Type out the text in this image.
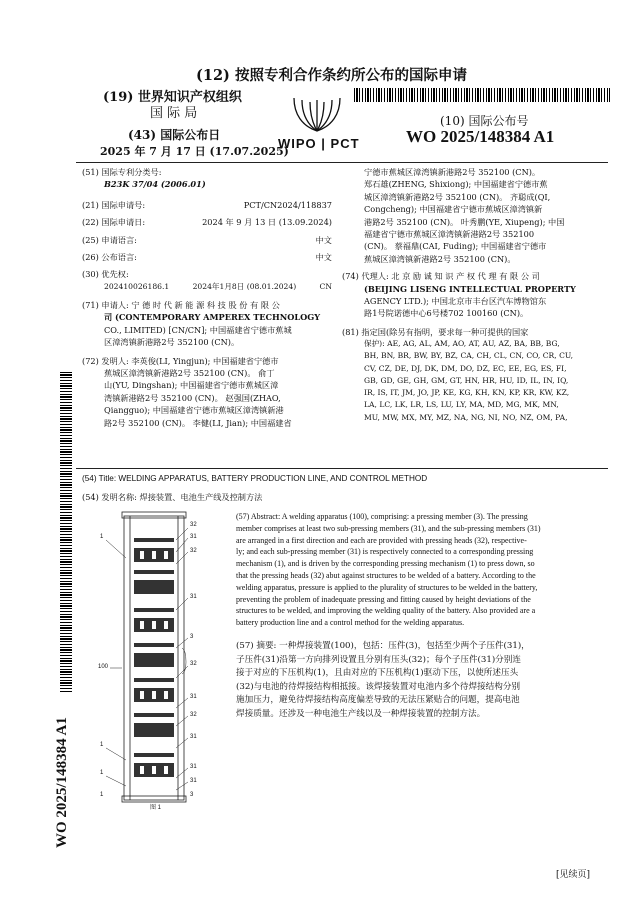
(12) 按照专利合作条约所公布的国际申请
(19) 世界知识产权组织
国 际 局
(43) 国际公布日
2025 年 7 月 17 日 (17.07.2025)
WIPO | PCT
(10) 国际公布号
WO 2025/148384 A1
(51) 国际专利分类号:
B23K 37/04 (2006.01)
(21) 国际申请号:	PCT/CN2024/118837
(22) 国际申请日:	2024 年 9 月 13 日 (13.09.2024)
(25) 申请语言:	中文
(26) 公布语言:	中文
(30) 优先权:
202410026186.1	2024年1月8日 (08.01.2024)	CN
(71) 申请人: 宁 德 时 代 新 能 源 科 技 股 份 有 限 公
司 (CONTEMPORARY AMPEREX TECHNOLOGY
CO., LIMITED) [CN/CN]; 中国福建省宁德市蕉城
区漳湾镇新港路2号 352100 (CN)。
(72) 发明人: 李英俊(LI, Yingjun); 中国福建省宁德市
蕉城区漳湾镇新港路2号 352100 (CN)。 俞丁
山(YU, Dingshan); 中国福建省宁德市蕉城区漳
湾镇新港路2号 352100 (CN)。 赵强国(ZHAO,
Qiangguo); 中国福建省宁德市蕉城区漳湾镇新港
路2号 352100 (CN)。 李健(LI, Jian); 中国福建省
宁德市蕉城区漳湾镇新港路2号 352100 (CN)。
郑石雄(ZHENG, Shixiong); 中国福建省宁德市蕉
城区漳湾镇新港路2号 352100 (CN)。 齐聪成(QI,
Congcheng); 中国福建省宁德市蕉城区漳湾镇新
港路2号 352100 (CN)。 叶秀鹏(YE, Xiupeng); 中国
福建省宁德市蕉城区漳湾镇新港路2号 352100
(CN)。 蔡福鼎(CAI, Fuding); 中国福建省宁德市
蕉城区漳湾镇新港路2号 352100 (CN)。
(74) 代理人: 北 京 励 诚 知 识 产 权 代 理 有 限 公 司
(BEIJING LISENG INTELLECTUAL PROPERTY
AGENCY LTD.); 中国北京市丰台区汽车博物馆东
路1号院诺德中心6号楼702 100160 (CN)。
(81) 指定国(除另有指明，要求每一种可提供的国家
保护): AE, AG, AL, AM, AO, AT, AU, AZ, BA, BB, BG,
BH, BN, BR, BW, BY, BZ, CA, CH, CL, CN, CO, CR, CU,
CV, CZ, DE, DJ, DK, DM, DO, DZ, EC, EE, EG, ES, FI,
GB, GD, GE, GH, GM, GT, HN, HR, HU, ID, IL, IN, IQ,
IR, IS, IT, JM, JO, JP, KE, KG, KH, KN, KP, KR, KW, KZ,
LA, LC, LK, LR, LS, LU, LY, MA, MD, MG, MK, MN,
MU, MW, MX, MY, MZ, NA, NG, NI, NO, NZ, OM, PA,
(54) Title: WELDING APPARATUS, BATTERY PRODUCTION LINE, AND CONTROL METHOD
(54) 发明名称: 焊接装置、电池生产线及控制方法
1
32
31
32
31
3
32
31
100
32
31
1
1
31
31
3
1
图 1
(57) Abstract: A welding apparatus (100), comprising: a pressing member (3). The pressing
member comprises at least two sub-pressing members (31), and the sub-pressing members (31)
are arranged in a first direction and each are provided with pressing heads (32), respective-
ly; and each sub-pressing member (31) is respectively connected to a corresponding pressing
mechanism (1), and is driven by the corresponding pressing mechanism (1) to press down, so
that the pressing heads (32) abut against structures to be welded of a battery. According to the
welding apparatus, pressure is applied to the plurality of structures to be welded in the battery,
preventing the problem of inadequate pressing and fitting caused by height deviations of the
structures to be welded, and improving the welding quality of the battery. Also provided are a
battery production line and a control method for the welding apparatus.
(57) 摘要: 一种焊接装置(100)，包括：压件(3)，包括至少两个子压件(31)，
子压件(31)沿第一方向排列设置且分别有压头(32)；每个子压件(31)分别连
接于对应的下压机构(1)，且由对应的下压机构(1)驱动下压，以使所述压头
(32)与电池的待焊接结构相抵接。该焊接装置对电池内多个待焊接结构分别
施加压力，避免待焊接结构高度偏差导致的无法压紧贴合的问题，提高电池
焊接质量。还涉及一种电池生产线以及一种焊接装置的控制方法。
WO 2025/148384 A1
[见续页]
